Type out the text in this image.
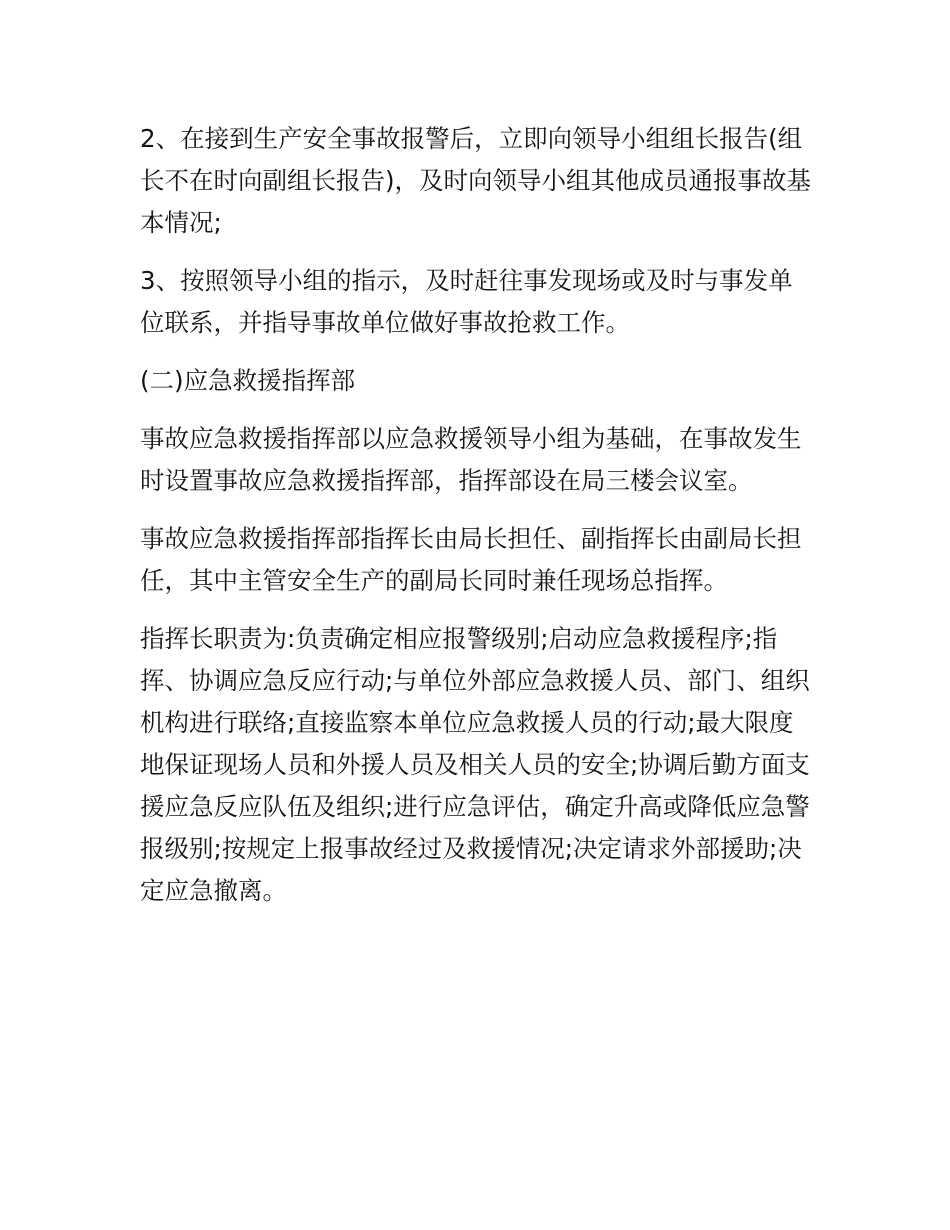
2、在接到生产安全事故报警后，立即向领导小组组长报告(组长不在时向副组长报告)，及时向领导小组其他成员通报事故基本情况;

3、按照领导小组的指示，及时赶往事发现场或及时与事发单位联系，并指导事故单位做好事故抢救工作。

(二)应急救援指挥部

事故应急救援指挥部以应急救援领导小组为基础，在事故发生时设置事故应急救援指挥部，指挥部设在局三楼会议室。

事故应急救援指挥部指挥长由局长担任、副指挥长由副局长担任，其中主管安全生产的副局长同时兼任现场总指挥。

指挥长职责为:负责确定相应报警级别;启动应急救援程序;指挥、协调应急反应行动;与单位外部应急救援人员、部门、组织机构进行联络;直接监察本单位应急救援人员的行动;最大限度地保证现场人员和外援人员及相关人员的安全;协调后勤方面支援应急反应队伍及组织;进行应急评估，确定升高或降低应急警报级别;按规定上报事故经过及救援情况;决定请求外部援助;决定应急撤离。
